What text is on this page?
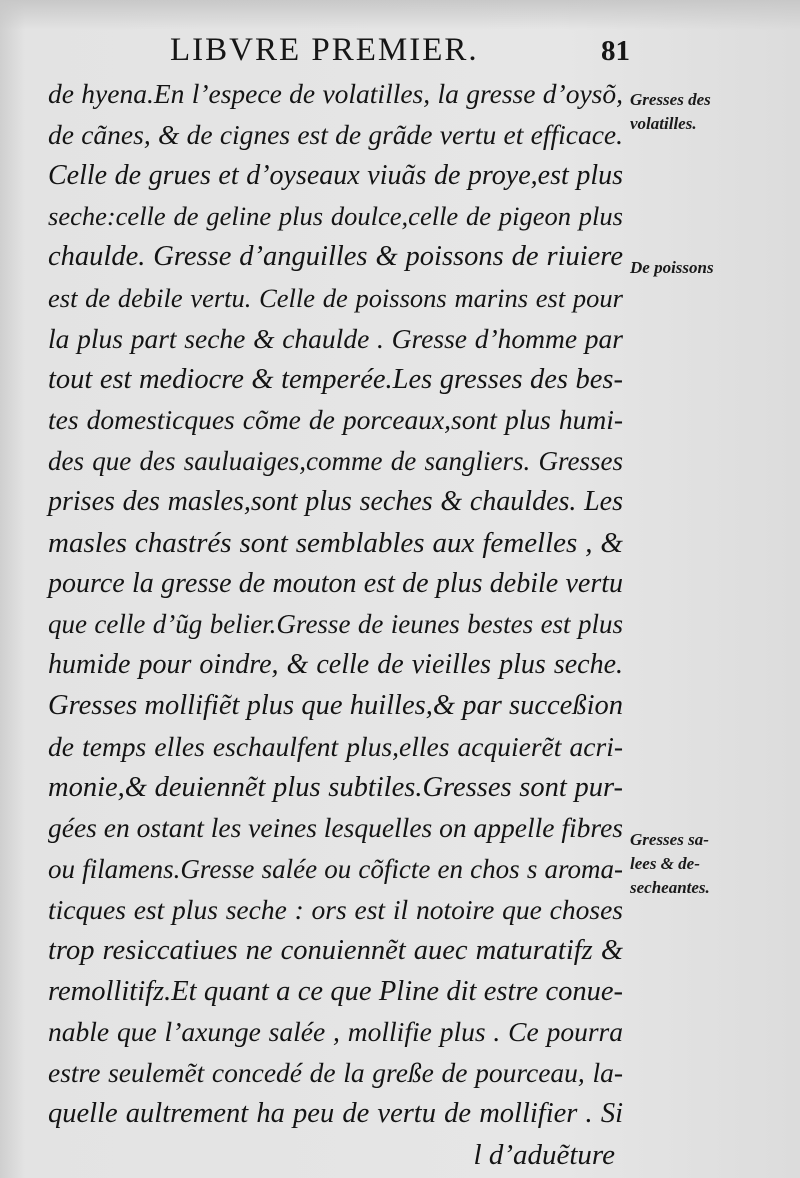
LIBVRE PREMIER.	81
de hyena.En l’espece de volatilles, la gresse d’oysõ,
de cãnes, & de cignes est de grãde vertu et efficace.
Celle de grues et d’oyseaux viuãs de proye,est plus
seche:celle de geline plus doulce,celle de pigeon plus
chaulde. Gresse d’anguilles & poissons de riuiere
est de debile vertu. Celle de poissons marins est pour
la plus part seche & chaulde . Gresse d’homme par
tout est mediocre & temperée.Les gresses des bes-
tes domesticques cõme de porceaux,sont plus humi-
des que des sauluaiges,comme de sangliers. Gresses
prises des masles,sont plus seches & chauldes. Les
masles chastrés sont semblables aux femelles , &
pource la gresse de mouton est de plus debile vertu
que celle d’ũg belier.Gresse de ieunes bestes est plus
humide pour oindre, & celle de vieilles plus seche.
Gresses mollifiẽt plus que huilles,& par succeßion
de temps elles eschaulfent plus,elles acquierẽt acri-
monie,& deuiennẽt plus subtiles.Gresses sont pur-
gées en ostant les veines lesquelles on appelle fibres
ou filamens.Gresse salée ou cõficte en chos s aroma-
ticques est plus seche : ors est il notoire que choses
trop resiccatiues ne conuiennẽt auec maturatifz &
remollitifz.Et quant a ce que Pline dit estre conue-
nable que l’axunge salée , mollifie plus . Ce pourra
estre seulemẽt concedé de la greße de pourceau, la-
quelle aultrement ha peu de vertu de mollifier . Si
l d’aduẽture
Gresses des
volatilles.
De poissons
Gresses sa-
lees & de-
secheantes.
